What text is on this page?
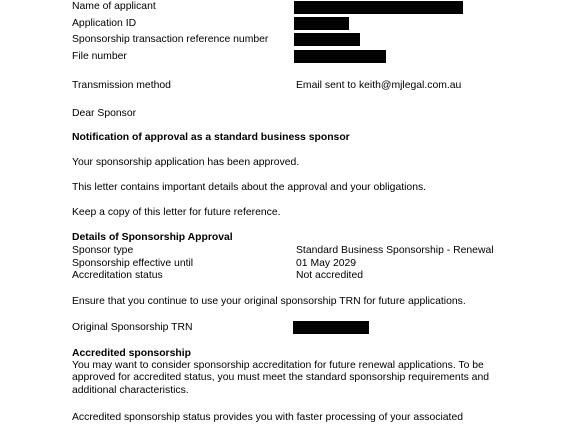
Name of applicant
Application ID
Sponsorship transaction reference number
File number
Transmission method	Email sent to keith@mjlegal.com.au
Dear Sponsor
Notification of approval as a standard business sponsor
Your sponsorship application has been approved.
This letter contains important details about the approval and your obligations.
Keep a copy of this letter for future reference.
Details of Sponsorship Approval
Sponsor type	Standard Business Sponsorship - Renewal
Sponsorship effective until	01 May 2029
Accreditation status	Not accredited
Ensure that you continue to use your original sponsorship TRN for future applications.
Original Sponsorship TRN
Accredited sponsorship
You may want to consider sponsorship accreditation for future renewal applications. To be approved for accredited status, you must meet the standard sponsorship requirements and additional characteristics.
Accredited sponsorship status provides you with faster processing of your associated
